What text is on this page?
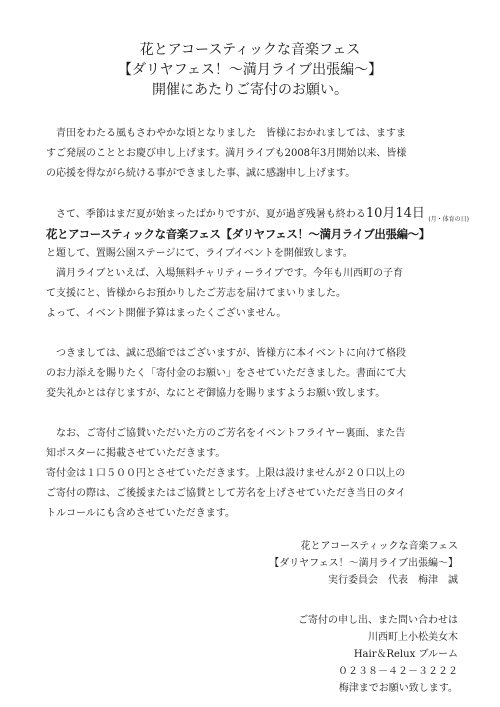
花とアコースティックな音楽フェス
【ダリヤフェス！～満月ライブ出張編～】
開催にあたりご寄付のお願い。
青田をわたる風もさわやかな頃となりました　皆様におかれましては、ますま
すご発展のこととお慶び申し上げます。満月ライブも2008年3月開始以来、皆様
の応援を得ながら続ける事ができました事、誠に感謝申し上げます。
さて、季節はまだ夏が始まったばかりですが、夏が過ぎ残暑も終わる10月14日 (月・体育の日)
花とアコースティックな音楽フェス【ダリヤフェス！～満月ライブ出張編～】
と題して、置賜公園ステージにて、ライブイベントを開催致します。
満月ライブといえば、入場無料チャリティーライブです。今年も川西町の子育
て支援にと、皆様からお預かりしたご芳志を届けてまいりました。
よって、イベント開催予算はまったくございません。
つきましては、誠に恐縮ではございますが、皆様方に本イベントに向けて格段
のお力添えを賜りたく「寄付金のお願い」をさせていただきました。書面にて大
変失礼かとは存じますが、なにとぞ御協力を賜りますようお願い致します。
なお、ご寄付ご協賛いただいた方のご芳名をイベントフライヤー裏面、また告
知ポスターに掲載させていただきます。
寄付金は１口５００円とさせていただきます。上限は設けませんが２０口以上の
ご寄付の際は、ご後援またはご協賛として芳名を上げさせていただき当日のタイ
トルコールにも含めさせていただきます。
花とアコースティックな音楽フェス
【ダリヤフェス！～満月ライブ出張編～】
実行委員会　代表　梅津　誠
ご寄付の申し出、また問い合わせは
川西町上小松美女木
Hair＆Relux ブルーム
０２３８－４２－３２２２
梅津までお願い致します。
